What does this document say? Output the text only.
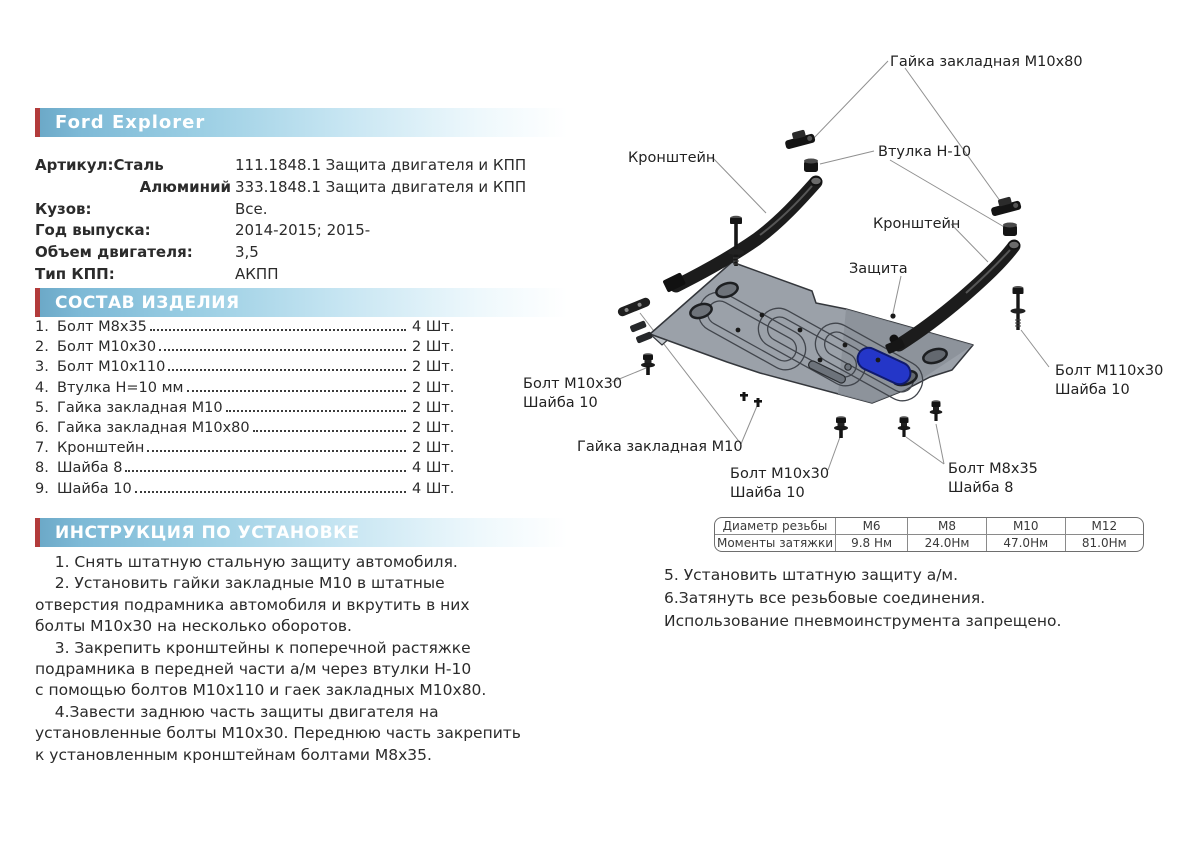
Ford Explorer
Артикул:Сталь	111.1848.1 Защита двигателя и КПП
Алюминий 333.1848.1 Защита двигателя и КПП
Кузов:	Все.
Год выпуска:	2014-2015; 2015-
Объем двигателя:	3,5
Тип КПП:	АКПП
СОСТАВ ИЗДЕЛИЯ
1. Болт М8х35	4 Шт.
2. Болт М10х30	2 Шт.
3. Болт М10х110	2 Шт.
4. Втулка Н=10 мм	2 Шт.
5. Гайка закладная М10	2 Шт.
6. Гайка закладная М10х80	2 Шт.
7. Кронштейн	2 Шт.
8. Шайба 8	4 Шт.
9. Шайба 10	4 Шт.
ИНСТРУКЦИЯ ПО УСТАНОВКЕ
1. Снять штатную стальную защиту автомобиля.
2. Установить гайки закладные М10 в штатные
отверстия подрамника автомобиля и вкрутить в них
болты М10х30 на несколько оборотов.
3. Закрепить кронштейны к поперечной растяжке
подрамника в передней части а/м через втулки Н-10
с помощью болтов М10х110 и гаек закладных М10х80.
4.Завести заднюю часть защиты двигателя на
установленные болты М10х30. Переднюю часть закрепить
к установленным кронштейнам болтами М8х35.
Диаметр резьбы	М6	М8	М10	М12
Моменты затяжки	9.8 Нм	24.0Нм	47.0Нм	81.0Нм
5. Установить штатную защиту а/м.
6.Затянуть все резьбовые соединения.
Использование пневмоинструмента запрещено.
Гайка закладная М10х80
Кронштейн	Втулка Н-10
Кронштейн
Защита
Болт М110х30
Шайба 10
Болт М10х30
Шайба 10
Гайка закладная М10
Болт М10х30
Шайба 10
Болт М8х35
Шайба 8
